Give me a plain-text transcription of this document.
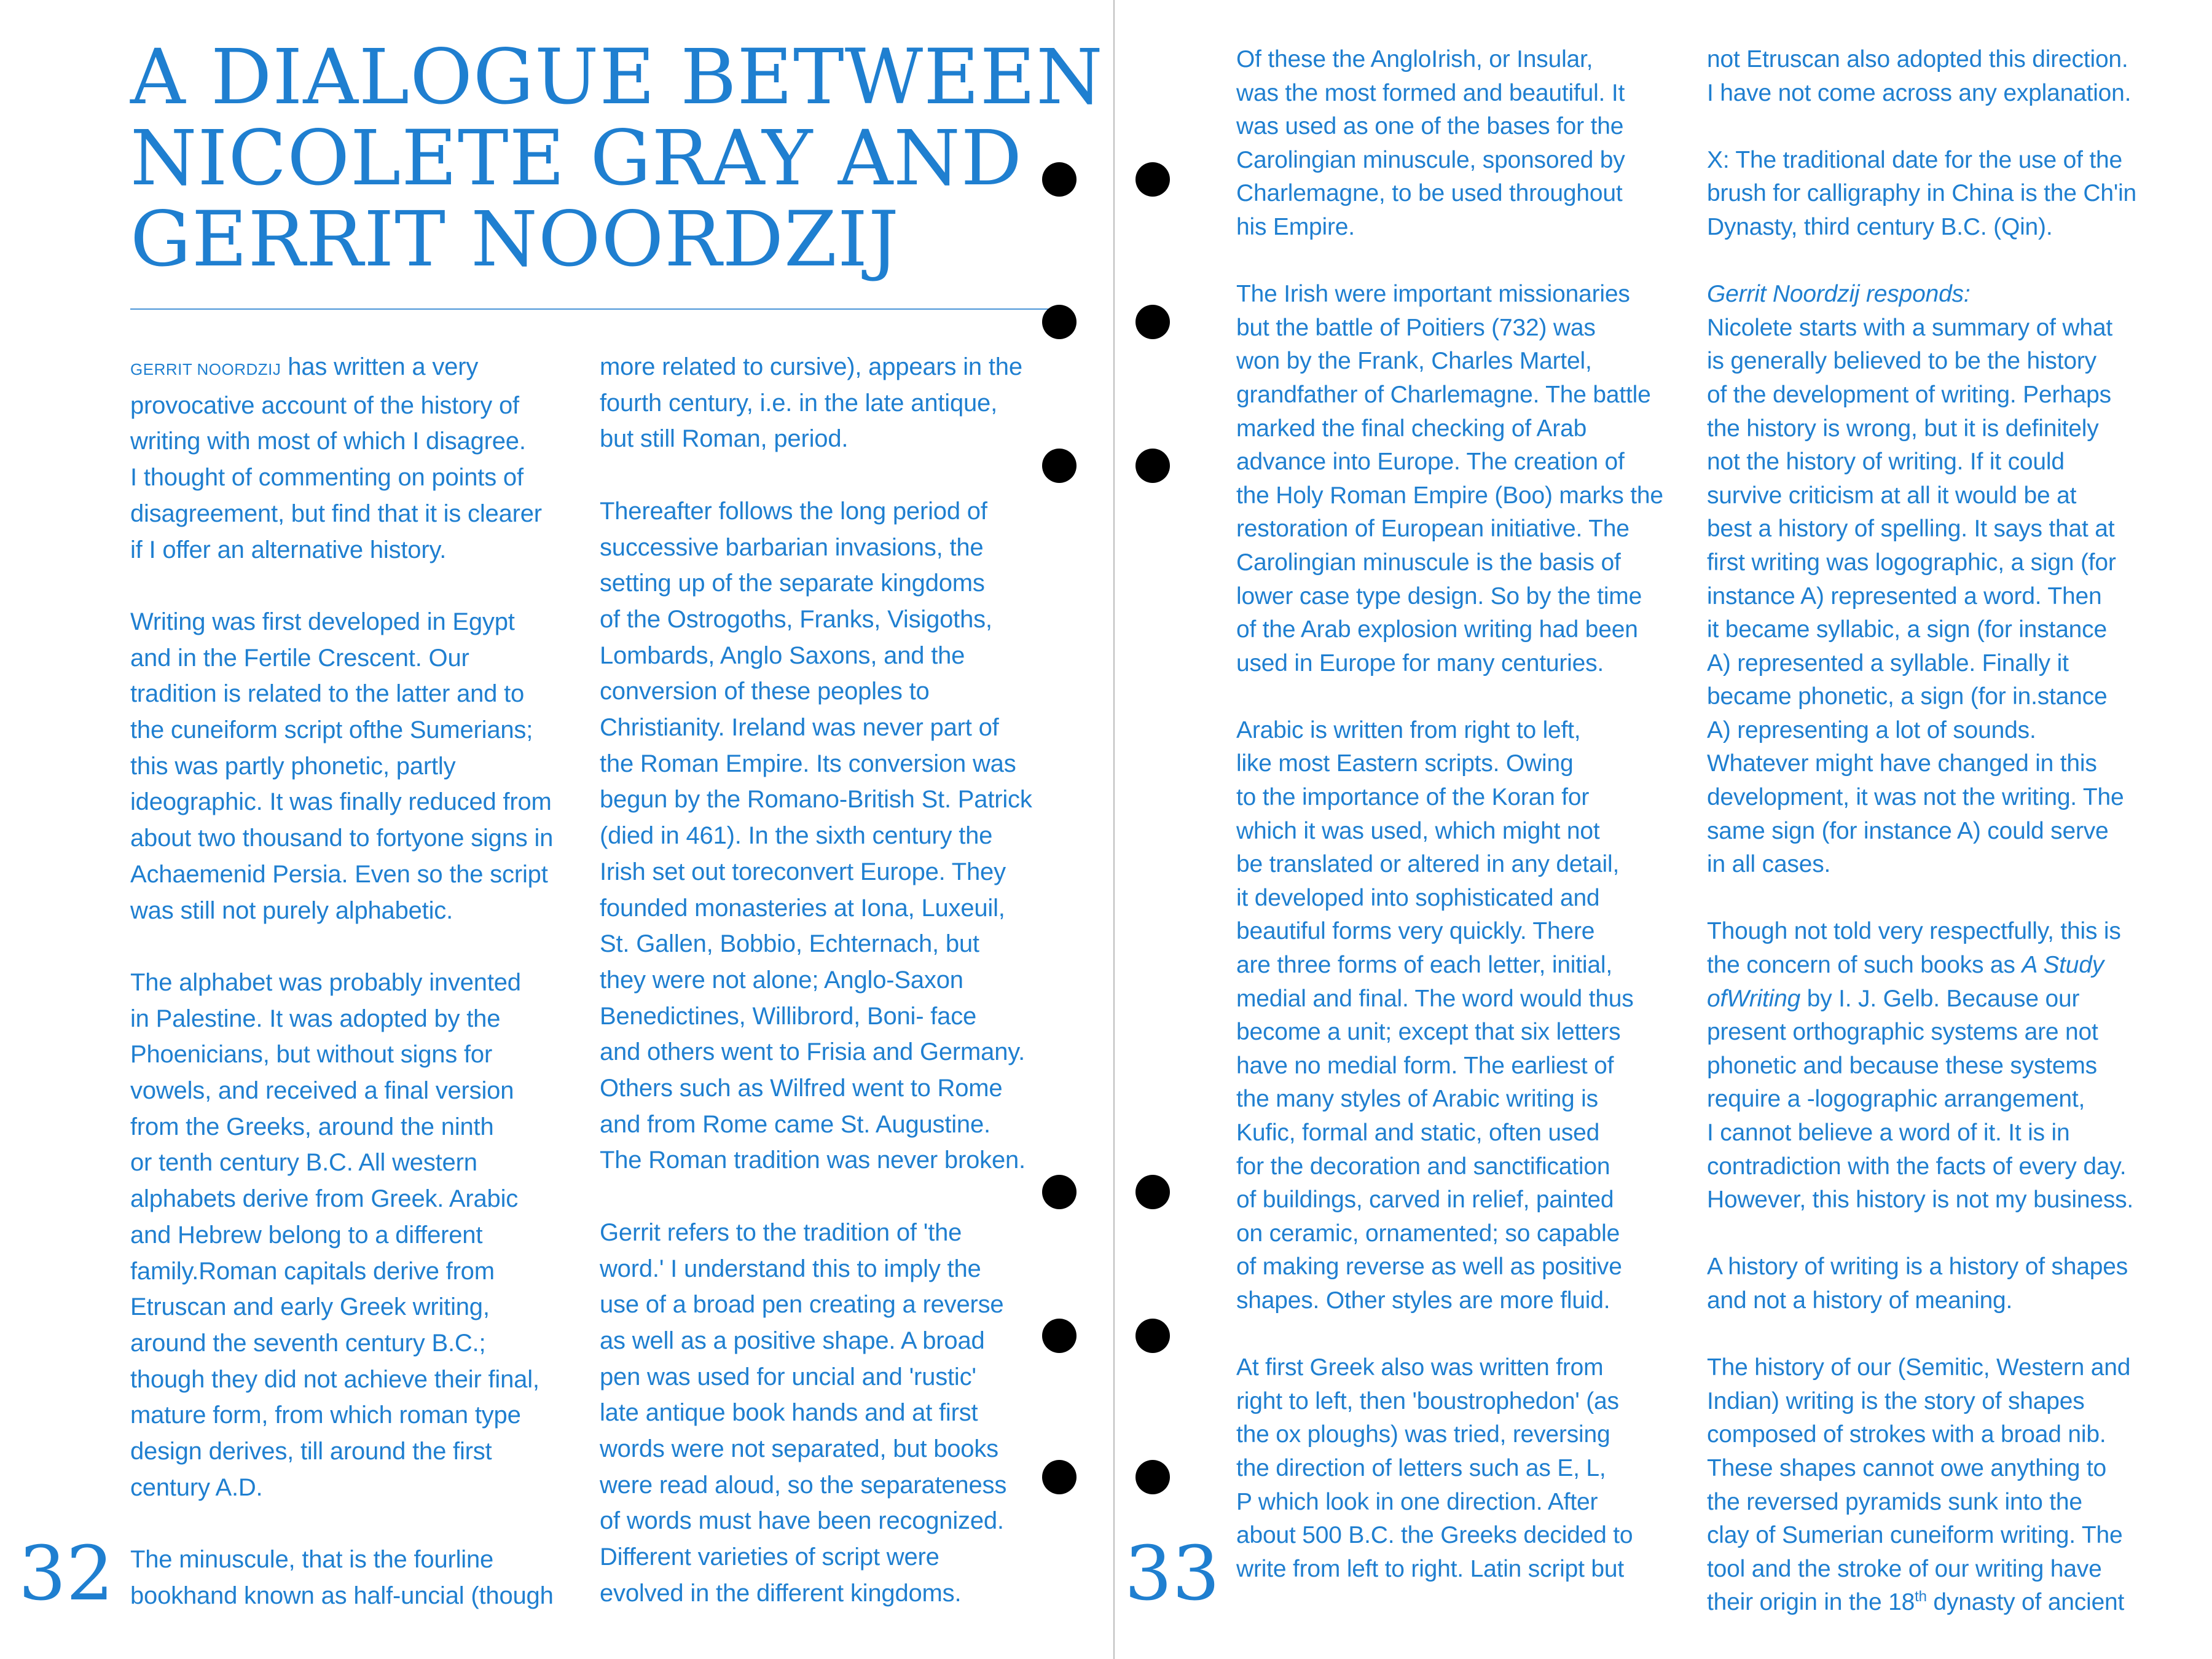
A DIALOGUE BETWEEN
NICOLETE GRAY AND
GERRIT NOORDZIJ

GERRIT NOORDZIJ has written a very
provocative account of the history of
writing with most of which I disagree.
I thought of commenting on points of
disagreement, but find that it is clearer
if I offer an alternative history.

Writing was first developed in Egypt
and in the Fertile Crescent. Our
tradition is related to the latter and to
the cuneiform script ofthe Sumerians;
this was partly phonetic, partly
ideographic. It was finally reduced from
about two thousand to fortyone signs in
Achaemenid Persia. Even so the script
was still not purely alphabetic.

The alphabet was probably invented
in Palestine. It was adopted by the
Phoenicians, but without signs for
vowels, and received a final version
from the Greeks, around the ninth
or tenth century B.C. All western
alphabets derive from Greek. Arabic
and Hebrew belong to a different
family.Roman capitals derive from
Etruscan and early Greek writing,
around the seventh century B.C.;
though they did not achieve their final,
mature form, from which roman type
design derives, till around the first
century A.D.

The minuscule, that is the fourline
bookhand known as half-uncial (though

more related to cursive), appears in the
fourth century, i.e. in the late antique,
but still Roman, period.

Thereafter follows the long period of
successive barbarian invasions, the
setting up of the separate kingdoms
of the Ostrogoths, Franks, Visigoths,
Lombards, Anglo Saxons, and the
conversion of these peoples to
Christianity. Ireland was never part of
the Roman Empire. Its conversion was
begun by the Romano-British St. Patrick
(died in 461). In the sixth century the
Irish set out toreconvert Europe. They
founded monasteries at Iona, Luxeuil,
St. Gallen, Bobbio, Echternach, but
they were not alone; Anglo-Saxon
Benedictines, Willibrord, Boni- face
and others went to Frisia and Germany.
Others such as Wilfred went to Rome
and from Rome came St. Augustine.
The Roman tradition was never broken.

Gerrit refers to the tradition of 'the
word.' I understand this to imply the
use of a broad pen creating a reverse
as well as a positive shape. A broad
pen was used for uncial and 'rustic'
late antique book hands and at first
words were not separated, but books
were read aloud, so the separateness
of words must have been recognized.
Different varieties of script were
evolved in the different kingdoms.

Of these the AngloIrish, or Insular,
was the most formed and beautiful. It
was used as one of the bases for the
Carolingian minuscule, sponsored by
Charlemagne, to be used throughout
his Empire.

The Irish were important missionaries
but the battle of Poitiers (732) was
won by the Frank, Charles Martel,
grandfather of Charlemagne. The battle
marked the final checking of Arab
advance into Europe. The creation of
the Holy Roman Empire (Boo) marks the
restoration of European initiative. The
Carolingian minuscule is the basis of
lower case type design. So by the time
of the Arab explosion writing had been
used in Europe for many centuries.

Arabic is written from right to left,
like most Eastern scripts. Owing
to the importance of the Koran for
which it was used, which might not
be translated or altered in any detail,
it developed into sophisticated and
beautiful forms very quickly. There
are three forms of each letter, initial,
medial and final. The word would thus
become a unit; except that six letters
have no medial form. The earliest of
the many styles of Arabic writing is
Kufic, formal and static, often used
for the decoration and sanctification
of buildings, carved in relief, painted
on ceramic, ornamented; so capable
of making reverse as well as positive
shapes. Other styles are more fluid.

At first Greek also was written from
right to left, then 'boustrophedon' (as
the ox ploughs) was tried, reversing
the direction of letters such as E, L,
P which look in one direction. After
about 500 B.C. the Greeks decided to
write from left to right. Latin script but

not Etruscan also adopted this direction.
I have not come across any explanation.

X: The traditional date for the use of the
brush for calligraphy in China is the Ch'in
Dynasty, third century B.C. (Qin).

Gerrit Noordzij responds:

Nicolete starts with a summary of what
is generally believed to be the history
of the development of writing. Perhaps
the history is wrong, but it is definitely
not the history of writing. If it could
survive criticism at all it would be at
best a history of spelling. It says that at
first writing was logographic, a sign (for
instance A) represented a word. Then
it became syllabic, a sign (for instance
A) represented a syllable. Finally it
became phonetic, a sign (for in.stance
A) representing a lot of sounds.
Whatever might have changed in this
development, it was not the writing. The
same sign (for instance A) could serve
in all cases.

Though not told very respectfully, this is
the concern of such books as A Study
ofWriting by I. J. Gelb. Because our
present orthographic systems are not
phonetic and because these systems
require a -logographic arrangement,
I cannot believe a word of it. It is in
contradiction with the facts of every day.
However, this history is not my business.

A history of writing is a history of shapes
and not a history of meaning.

The history of our (Semitic, Western and
Indian) writing is the story of shapes
composed of strokes with a broad nib.
These shapes cannot owe anything to
the reversed pyramids sunk into the
clay of Sumerian cuneiform writing. The
tool and the stroke of our writing have
their origin in the 18th dynasty of ancient

32	33
